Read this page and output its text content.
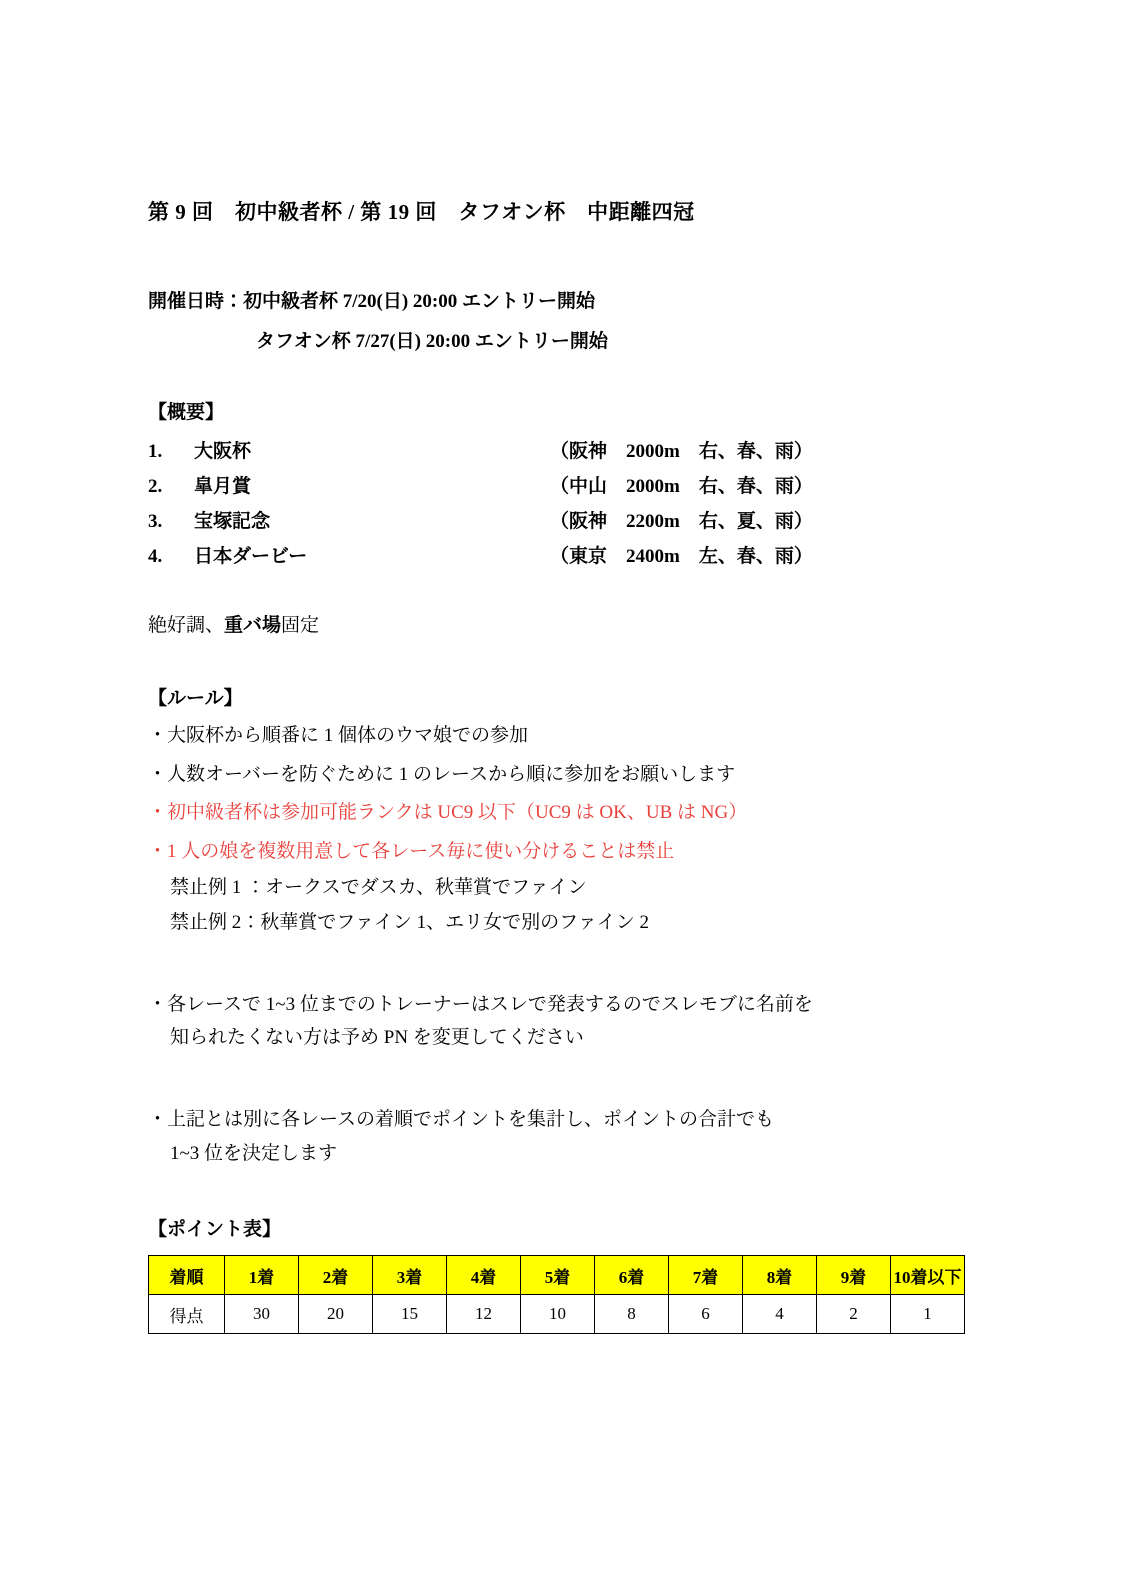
第 9 回　初中級者杯 / 第 19 回　タフオン杯　中距離四冠
開催日時：初中級者杯 7/20(日) 20:00 エントリー開始
タフオン杯 7/27(日) 20:00 エントリー開始
【概要】
1.	大阪杯	（阪神　2000m　右、春、雨）
2.	皐月賞	（中山　2000m　右、春、雨）
3.	宝塚記念	（阪神　2200m　右、夏、雨）
4.	日本ダービー	（東京　2400m　左、春、雨）
絶好調、重バ場固定
【ルール】
・大阪杯から順番に 1 個体のウマ娘での参加
・人数オーバーを防ぐために 1 のレースから順に参加をお願いします
・初中級者杯は参加可能ランクは UC9 以下（UC9 は OK、UB は NG）
・1 人の娘を複数用意して各レース毎に使い分けることは禁止
禁止例 1 ：オークスでダスカ、秋華賞でファイン
禁止例 2：秋華賞でファイン 1、エリ女で別のファイン 2
・各レースで 1~3 位までのトレーナーはスレで発表するのでスレモブに名前を
知られたくない方は予め PN を変更してください
・上記とは別に各レースの着順でポイントを集計し、ポイントの合計でも
1~3 位を決定します
【ポイント表】
着順	1着	2着	3着	4着	5着	6着	7着	8着	9着	10着以下
得点	30	20	15	12	10	8	6	4	2	1
